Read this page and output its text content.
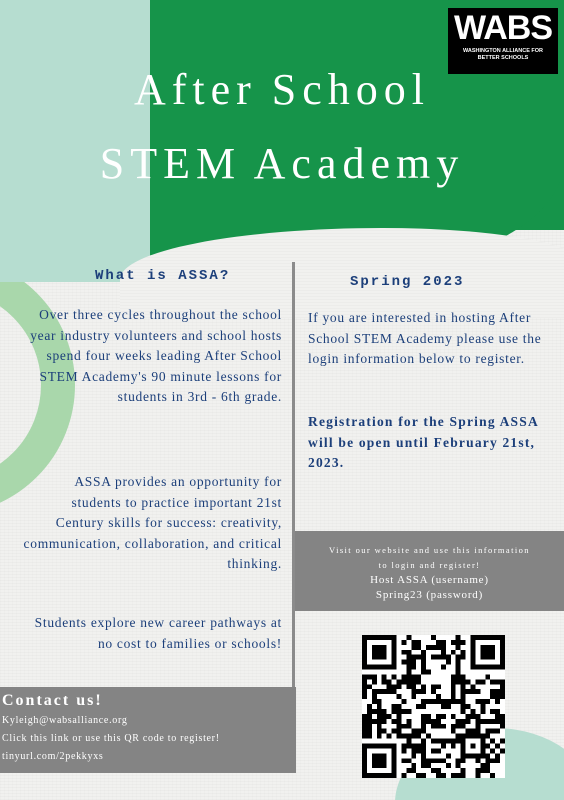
WABS
WASHINGTON ALLIANCE FOR BETTER SCHOOLS
After School
STEM Academy
What is ASSA?

Over three cycles throughout the school year industry volunteers and school hosts spend four weeks leading After School STEM Academy's 90 minute lessons for students in 3rd - 6th grade.

ASSA provides an opportunity for students to practice important 21st Century skills for success: creativity, communication, collaboration, and critical thinking.

Students explore new career pathways at no cost to families or schools!

Spring 2023

If you are interested in hosting After School STEM Academy please use the login information below to register.

Registration for the Spring ASSA will be open until February 21st, 2023.

Visit our website and use this information
to login and register!
Host ASSA (username)
Spring23 (password)
Contact us!
Kyleigh@wabsalliance.org
Click this link or use this QR code to register!
tinyurl.com/2pekkyxs
